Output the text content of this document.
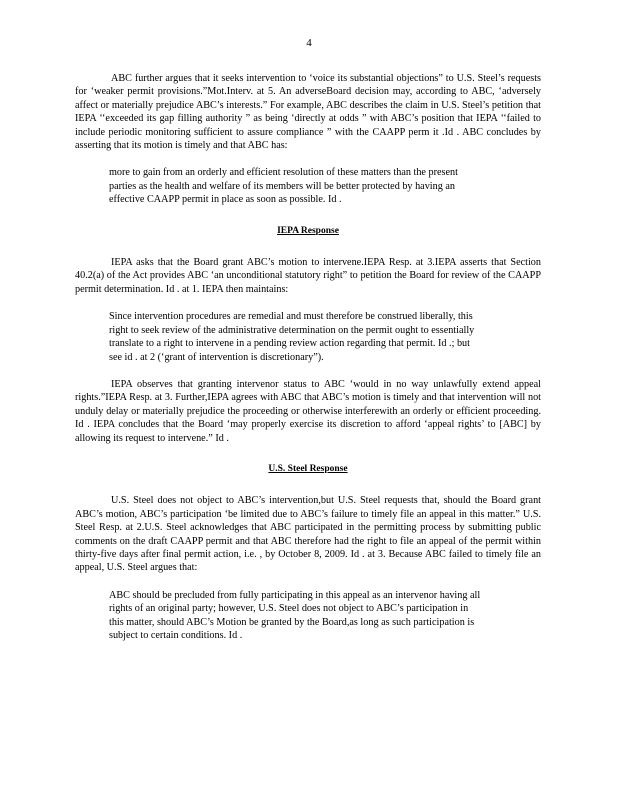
4

ABC further argues that it seeks intervention to ‘voice its substantial objections” to U.S. Steel’s requests for ‘weaker permit provisions.”Mot.Interv. at 5. An adverseBoard decision may, according to ABC, ‘adversely affect or materially prejudice ABC’s interests.” For example, ABC describes the claim in U.S. Steel’s petition that IEPA ‘‘exceeded its gap filling authority ” as being ‘directly at odds ” with ABC’s position that IEPA ‘‘failed to include periodic monitoring sufficient to assure compliance ” with the CAAPP perm it .Id . ABC concludes by asserting that its motion is timely and that ABC has:

more to gain from an orderly and efficient resolution of these matters than the present parties as the health and welfare of its members will be better protected by having an effective CAAPP permit in place as soon as possible. Id .

IEPA Response

IEPA asks that the Board grant ABC’s motion to intervene.IEPA Resp. at 3.IEPA asserts that Section 40.2(a) of the Act provides ABC ‘an unconditional statutory right” to petition the Board for review of the CAAPP permit determination. Id . at 1. IEPA then maintains:

Since intervention procedures are remedial and must therefore be construed liberally, this right to seek review of the administrative determination on the permit ought to essentially translate to a right to intervene in a pending review action regarding that permit. Id .; but see id . at 2 (‘grant of intervention is discretionary”).

IEPA observes that granting intervenor status to ABC ‘would in no way unlawfully extend appeal rights.”IEPA Resp. at 3. Further,IEPA agrees with ABC that ABC’s motion is timely and that intervention will not unduly delay or materially prejudice the proceeding or otherwise interferewith an orderly or efficient proceeding. Id . IEPA concludes that the Board ‘may properly exercise its discretion to afford ‘appeal rights’ to [ABC] by allowing its request to intervene.” Id .

U.S. Steel Response

U.S. Steel does not object to ABC’s intervention,but U.S. Steel requests that, should the Board grant ABC’s motion, ABC’s participation ‘be limited due to ABC’s failure to timely file an appeal in this matter.” U.S. Steel Resp. at 2.U.S. Steel acknowledges that ABC participated in the permitting process by submitting public comments on the draft CAAPP permit and that ABC therefore had the right to file an appeal of the permit within thirty-five days after final permit action, i.e. , by October 8, 2009. Id . at 3. Because ABC failed to timely file an appeal, U.S. Steel argues that:

ABC should be precluded from fully participating in this appeal as an intervenor having all rights of an original party; however, U.S. Steel does not object to ABC’s participation in this matter, should ABC’s Motion be granted by the Board,as long as such participation is subject to certain conditions. Id .
